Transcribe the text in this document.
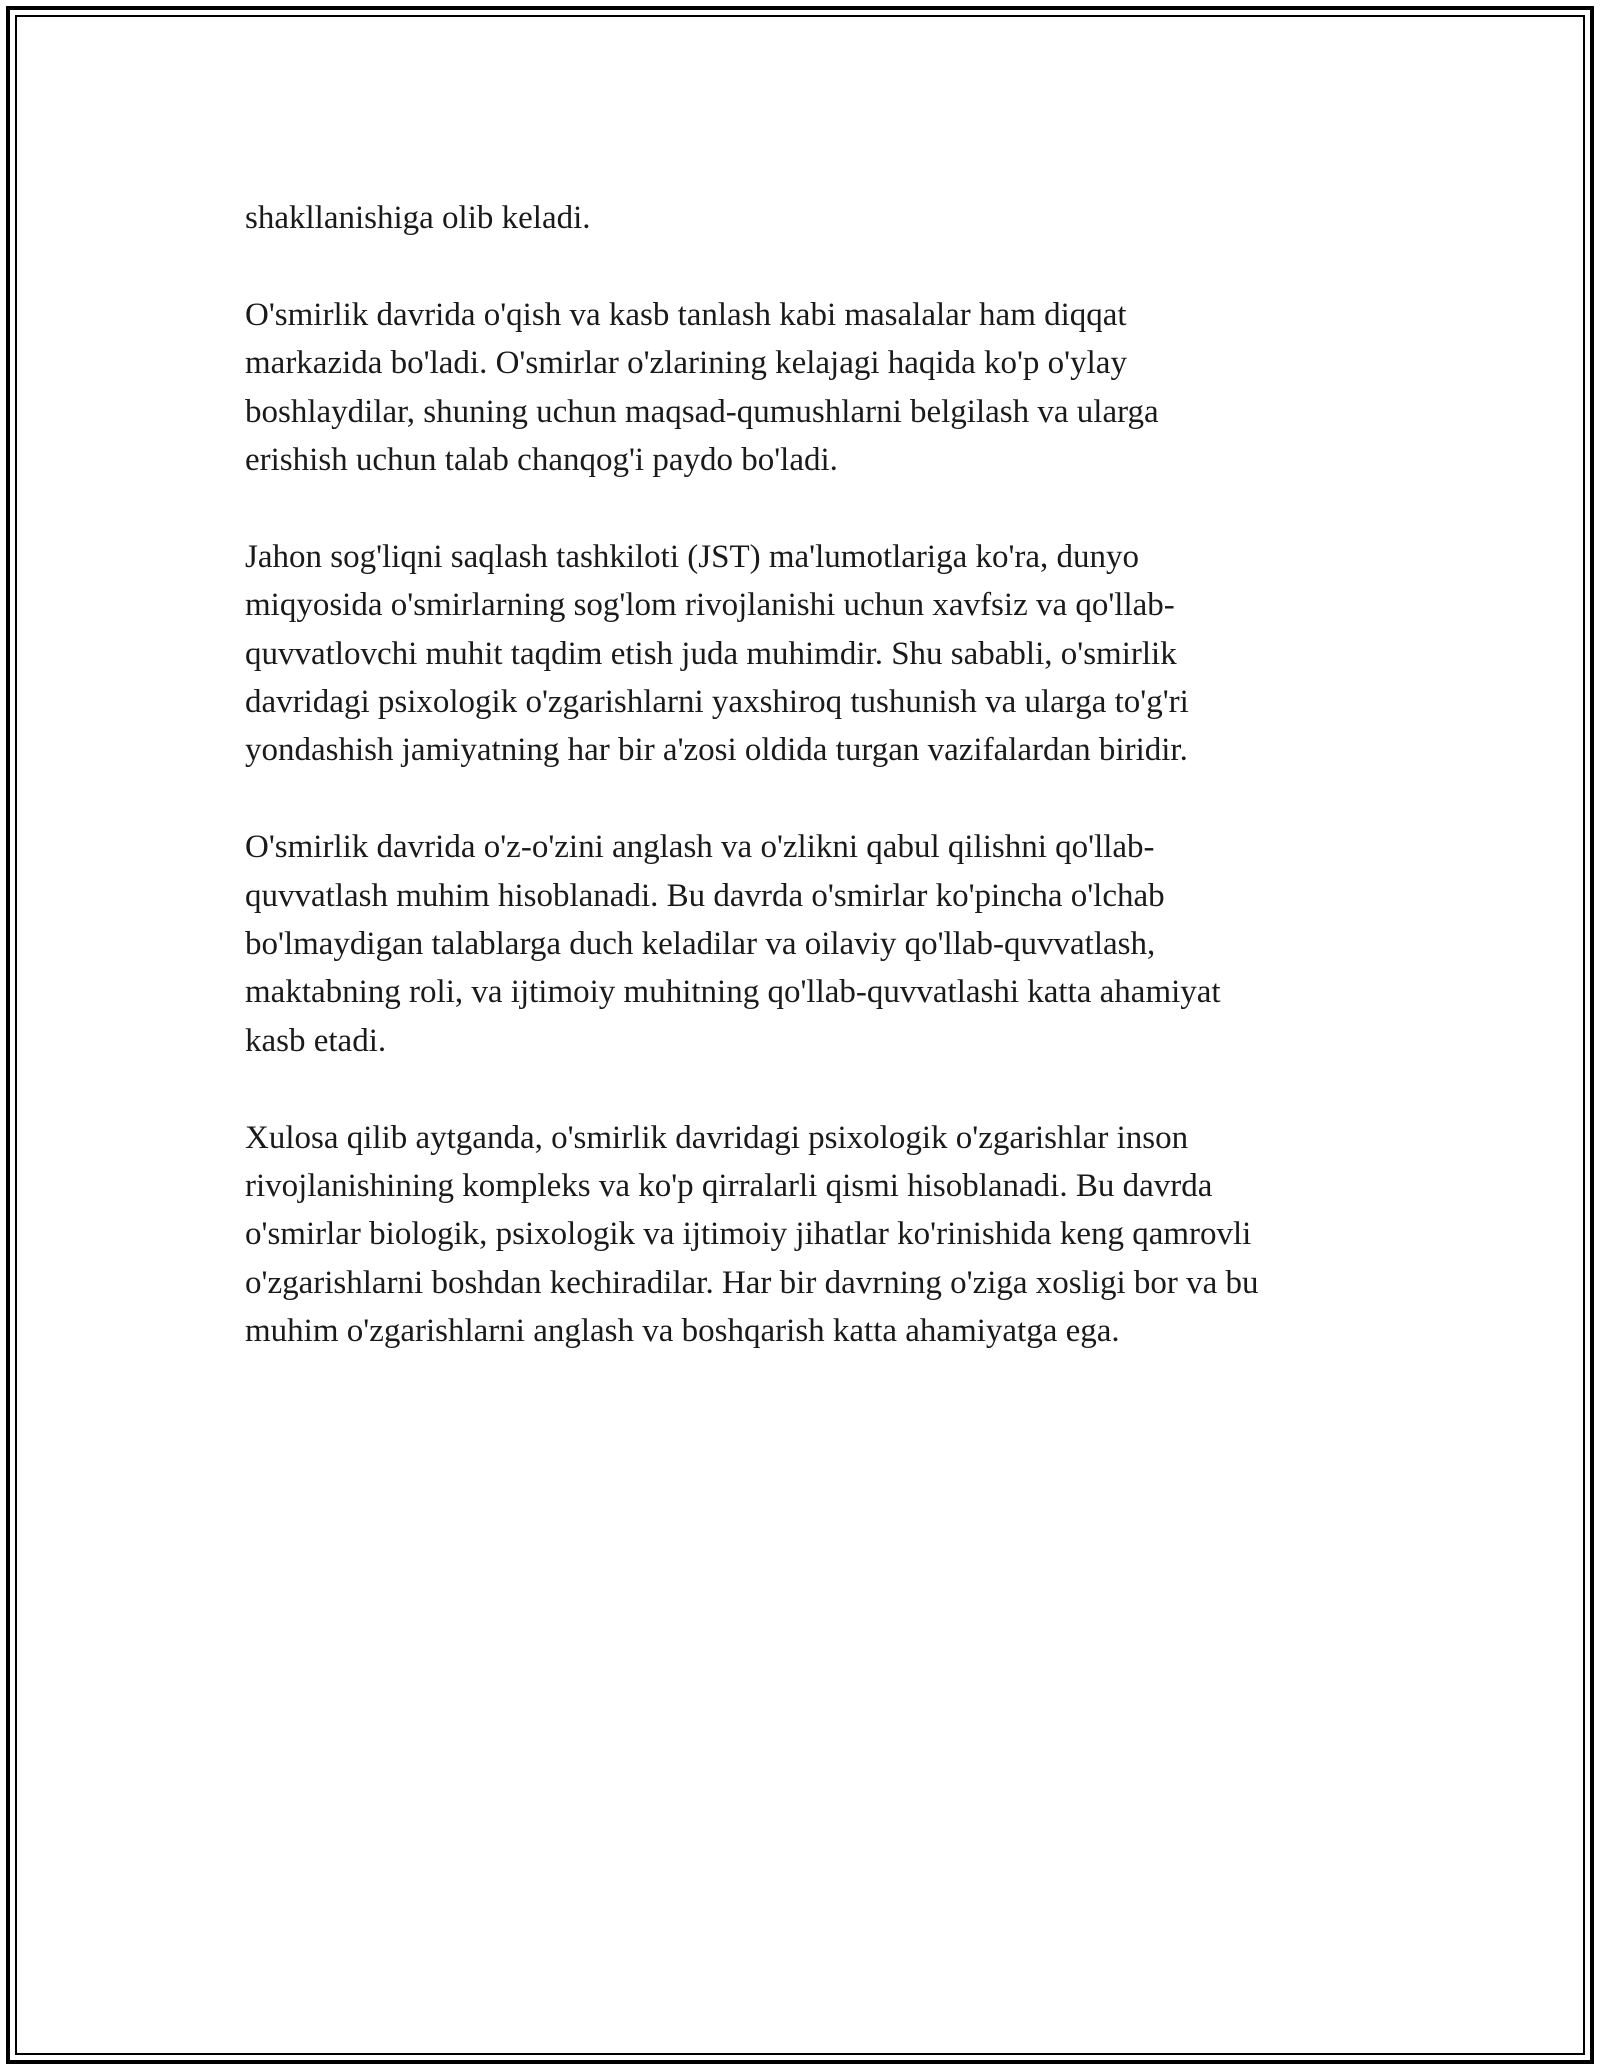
shakllanishiga olib keladi.

O'smirlik davrida o'qish va kasb tanlash kabi masalalar ham diqqat
markazida bo'ladi. O'smirlar o'zlarining kelajagi haqida ko'p o'ylay
boshlaydilar, shuning uchun maqsad-qumushlarni belgilash va ularga
erishish uchun talab chanqog'i paydo bo'ladi.

Jahon sog'liqni saqlash tashkiloti (JST) ma'lumotlariga ko'ra, dunyo
miqyosida o'smirlarning sog'lom rivojlanishi uchun xavfsiz va qo'llab-
quvvatlovchi muhit taqdim etish juda muhimdir. Shu sababli, o'smirlik
davridagi psixologik o'zgarishlarni yaxshiroq tushunish va ularga to'g'ri
yondashish jamiyatning har bir a'zosi oldida turgan vazifalardan biridir.

O'smirlik davrida o'z-o'zini anglash va o'zlikni qabul qilishni qo'llab-
quvvatlash muhim hisoblanadi. Bu davrda o'smirlar ko'pincha o'lchab
bo'lmaydigan talablarga duch keladilar va oilaviy qo'llab-quvvatlash,
maktabning roli, va ijtimoiy muhitning qo'llab-quvvatlashi katta ahamiyat
kasb etadi.

Xulosa qilib aytganda, o'smirlik davridagi psixologik o'zgarishlar inson
rivojlanishining kompleks va ko'p qirralarli qismi hisoblanadi. Bu davrda
o'smirlar biologik, psixologik va ijtimoiy jihatlar ko'rinishida keng qamrovli
o'zgarishlarni boshdan kechiradilar. Har bir davrning o'ziga xosligi bor va bu
muhim o'zgarishlarni anglash va boshqarish katta ahamiyatga ega.
